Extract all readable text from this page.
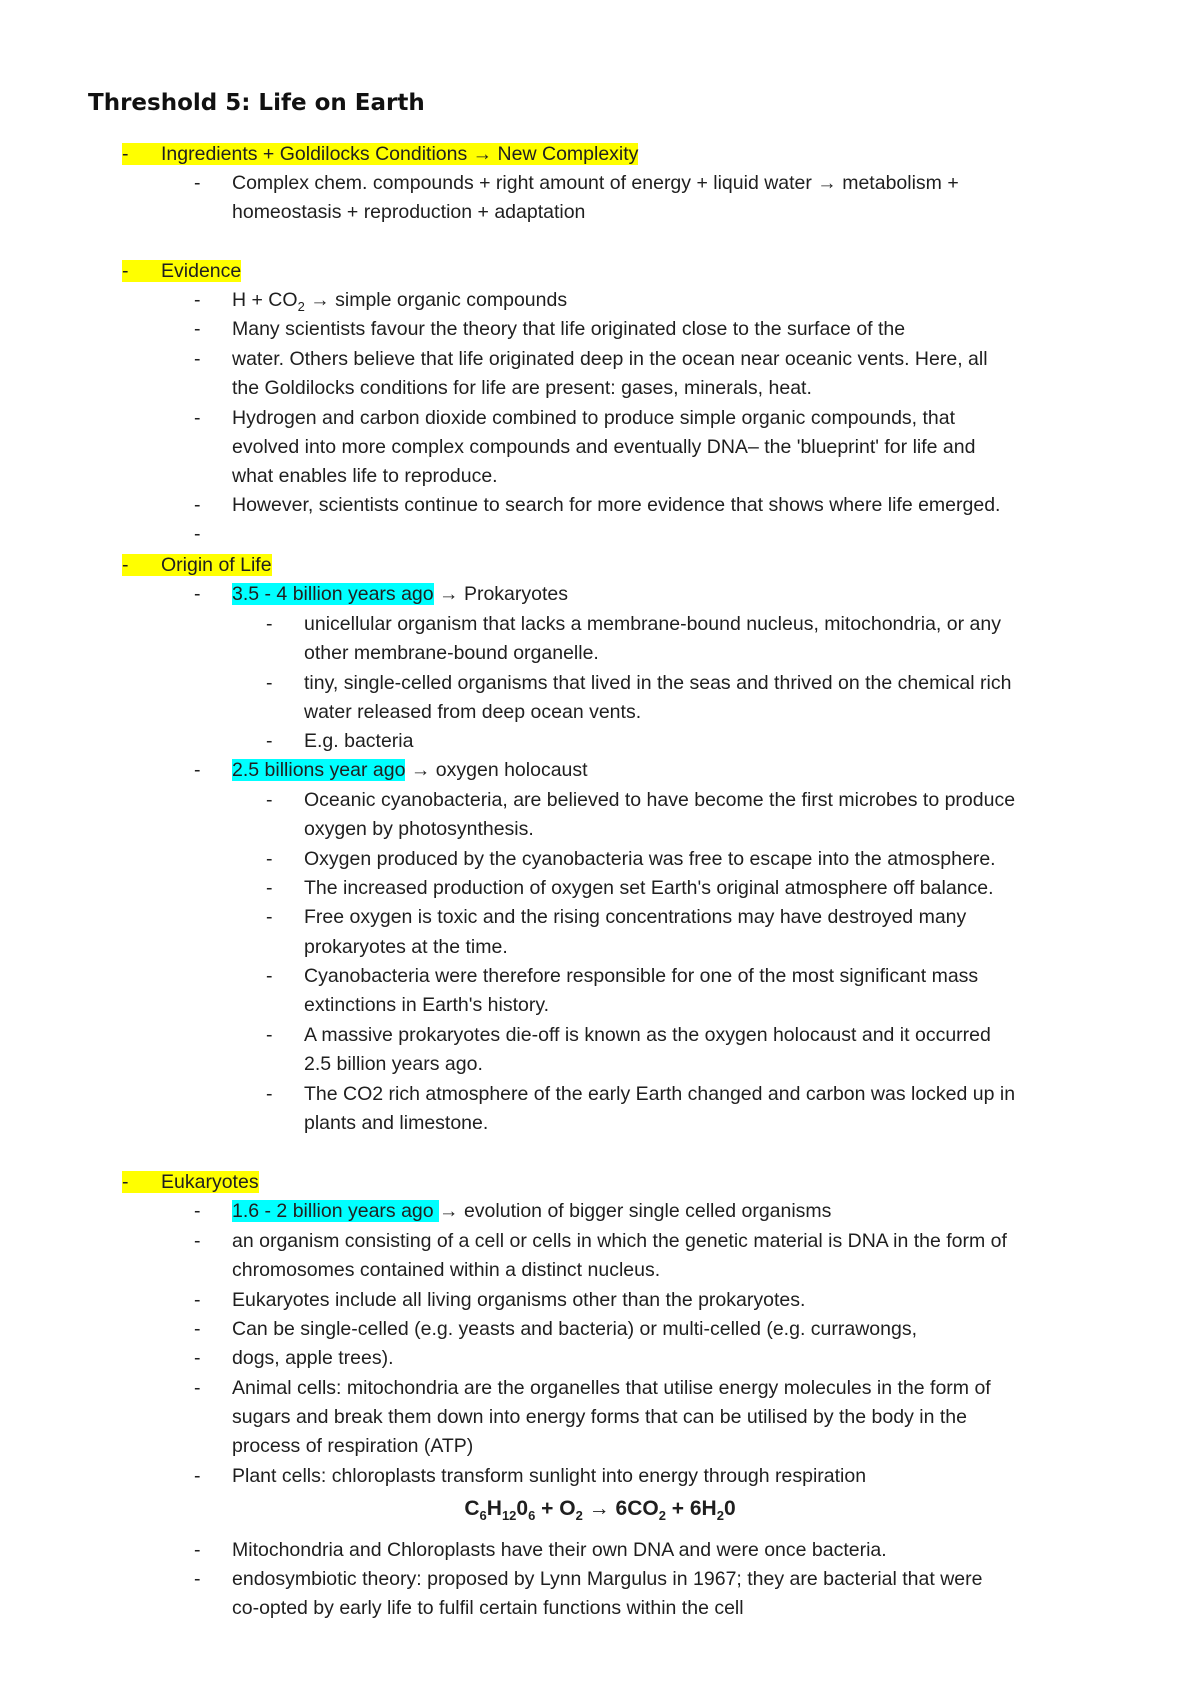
Threshold 5: Life on Earth
- Ingredients + Goldilocks Conditions → New Complexity
- Complex chem. compounds + right amount of energy + liquid water → metabolism +
homeostasis + reproduction + adaptation
- Evidence
- $H + CO_2$ → simple organic compounds
- Many scientists favour the theory that life originated close to the surface of the
- water. Others believe that life originated deep in the ocean near oceanic vents. Here, all
the Goldilocks conditions for life are present: gases, minerals, heat.
- Hydrogen and carbon dioxide combined to produce simple organic compounds, that
evolved into more complex compounds and eventually DNA– the 'blueprint' for life and
what enables life to reproduce.
- However, scientists continue to search for more evidence that shows where life emerged.
-
- Origin of Life
- 3.5 - 4 billion years ago → Prokaryotes
- unicellular organism that lacks a membrane-bound nucleus, mitochondria, or any
other membrane-bound organelle.
- tiny, single-celled organisms that lived in the seas and thrived on the chemical rich
water released from deep ocean vents.
- E.g. bacteria
- 2.5 billions year ago → oxygen holocaust
- Oceanic cyanobacteria, are believed to have become the first microbes to produce
oxygen by photosynthesis.
- Oxygen produced by the cyanobacteria was free to escape into the atmosphere.
- The increased production of oxygen set Earth's original atmosphere off balance.
- Free oxygen is toxic and the rising concentrations may have destroyed many
prokaryotes at the time.
- Cyanobacteria were therefore responsible for one of the most significant mass
extinctions in Earth's history.
- A massive prokaryotes die-off is known as the oxygen holocaust and it occurred
2.5 billion years ago.
- The CO2 rich atmosphere of the early Earth changed and carbon was locked up in
plants and limestone.
- Eukaryotes
- 1.6 - 2 billion years ago → evolution of bigger single celled organisms
- an organism consisting of a cell or cells in which the genetic material is DNA in the form of
chromosomes contained within a distinct nucleus.
- Eukaryotes include all living organisms other than the prokaryotes.
- Can be single-celled (e.g. yeasts and bacteria) or multi-celled (e.g. currawongs,
- dogs, apple trees).
- Animal cells: mitochondria are the organelles that utilise energy molecules in the form of
sugars and break them down into energy forms that can be utilised by the body in the
process of respiration (ATP)
- Plant cells: chloroplasts transform sunlight into energy through respiration
$C_6H_{12}0_6 + O_2 \to 6CO_2 + 6H_20$
- Mitochondria and Chloroplasts have their own DNA and were once bacteria.
- endosymbiotic theory: proposed by Lynn Margulus in 1967; they are bacterial that were
co-opted by early life to fulfil certain functions within the cell
